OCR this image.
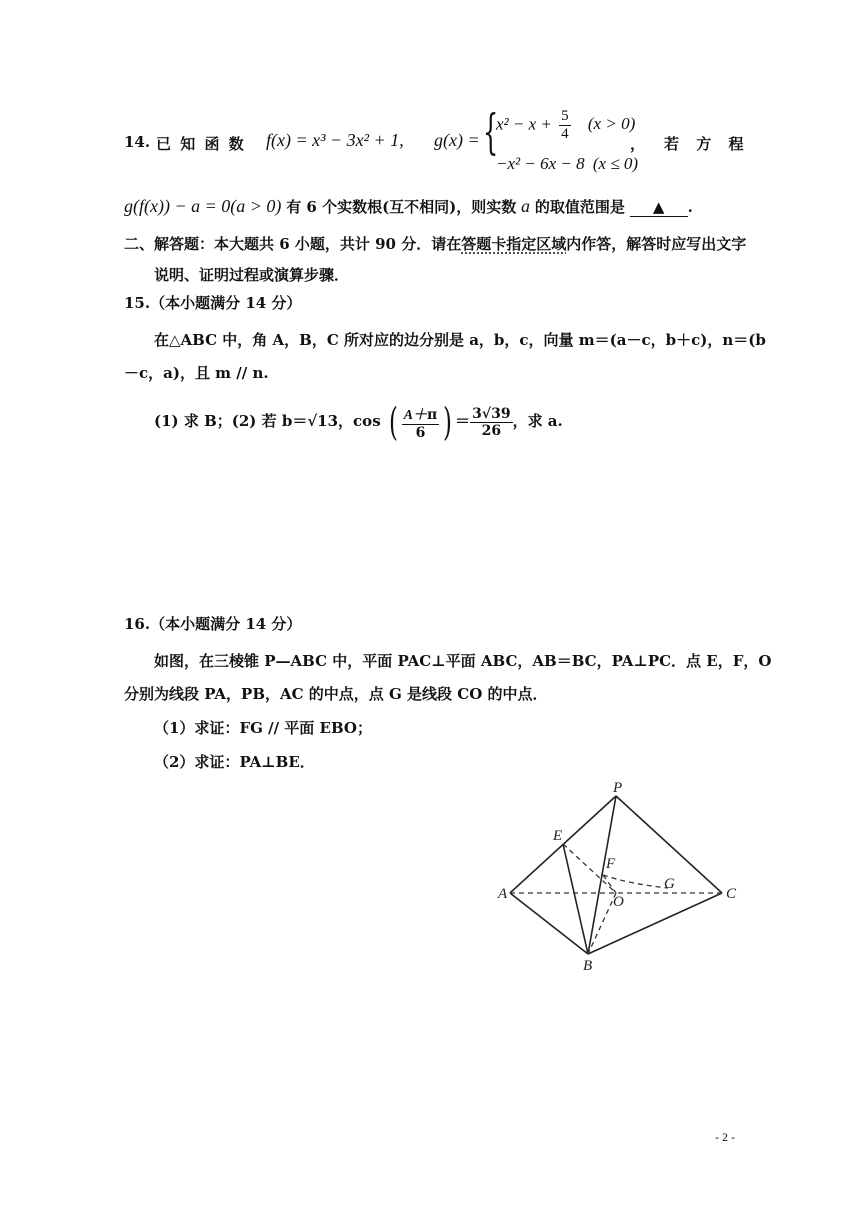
14. 已 知 函 数 f(x) = x³ − 3x² + 1, g(x) = {
$x^2 - x + \frac{5}{4} (x > 0)$
−x² − 6x − 8 (x ≤ 0)
， 若 方 程
g(f(x)) − a = 0(a > 0) 有 6 个实数根(互不相同)，则实数 a 的取值范围是 ▲ .
二、解答题：本大题共 6 小题，共计 90 分．请在答题卡指定区域内作答，解答时应写出文字
说明、证明过程或演算步骤．
15.（本小题满分 14 分）
在△ABC 中，角 A，B，C 所对应的边分别是 a，b，c，向量 m＝(a－c，b＋c)，n＝(b
－c，a)，且 m // n.
(1) 求 B；(2) 若 b＝√13，cos ( $\frac{A+\pi}{6}$ ) ＝ $\frac{3√39}{26}$ ，求 a.
16.（本小题满分 14 分）
如图，在三棱锥 P—ABC 中，平面 PAC⊥平面 ABC，AB＝BC，PA⊥PC．点 E，F，O
分别为线段 PA，PB，AC 的中点，点 G 是线段 CO 的中点．
（1）求证：FG // 平面 EBO；
（2）求证：PA⊥BE．
P
E
F
G
A	O	C
B
- 2 -
